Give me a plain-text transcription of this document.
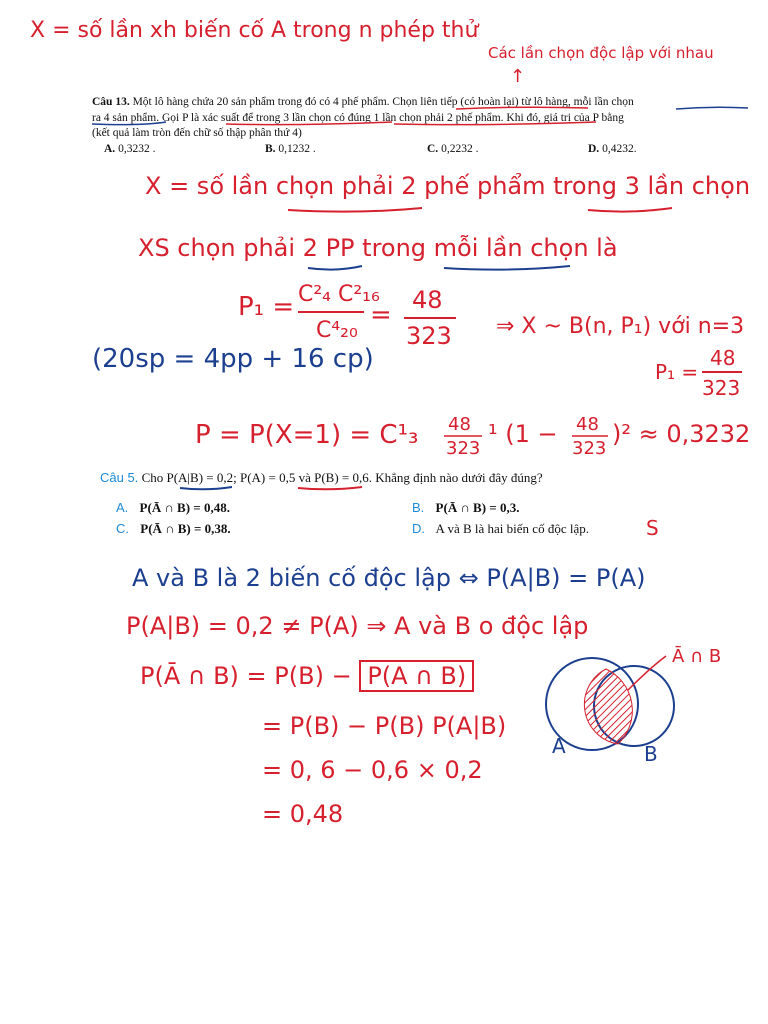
X = số lần xh biến cố A trong n phép thử
Các lần chọn độc lập với nhau
↑
Câu 13. Một lô hàng chứa 20 sản phẩm trong đó có 4 phế phẩm. Chọn liên tiếp (có hoàn lại) từ lô hàng, mỗi lần chọn
ra 4 sản phẩm. Gọi P là xác suất để trong 3 lần chọn có đúng 1 lần chọn phải 2 phế phẩm. Khi đó, giá trị của P bằng
(kết quả làm tròn đến chữ số thập phân thứ 4)
A. 0,3232 .	B. 0,1232 .	C. 0,2232 .	D. 0,4232.
X = số lần chọn phải 2 phế phẩm trong 3 lần chọn
XS chọn phải 2 PP trong mỗi lần chọn là
P₁ = C²₄ C²₁₆
C⁴₂₀
= 48
323 ⇒ X ~ B(n, P₁) với n=3
(20sp = 4pp + 16 cp)	P₁ =
48
323
P = P(X=1) = C¹₃ 48
323
¹ (1 − 48
323
)² ≈ 0,3232
Câu 5. Cho P(A|B) = 0,2; P(A) = 0,5 và P(B) = 0,6. Khẳng định nào dưới đây đúng?
A. P(Ā ∩ B) = 0,48.	B. P(Ā ∩ B) = 0,3.
C. P(Ā ∩ B) = 0,38.	D. A và B là hai biến cố độc lập.	S
A và B là 2 biến cố độc lập ⇔ P(A|B) = P(A)
P(A|B) = 0,2 ≠ P(A) ⇒ A và B o độc lập
P(Ā ∩ B) = P(B) − P(A ∩ B)
= P(B) − P(B) P(A|B)
= 0, 6 − 0,6 × 0,2
= 0,48
Ā ∩ B
A	B
